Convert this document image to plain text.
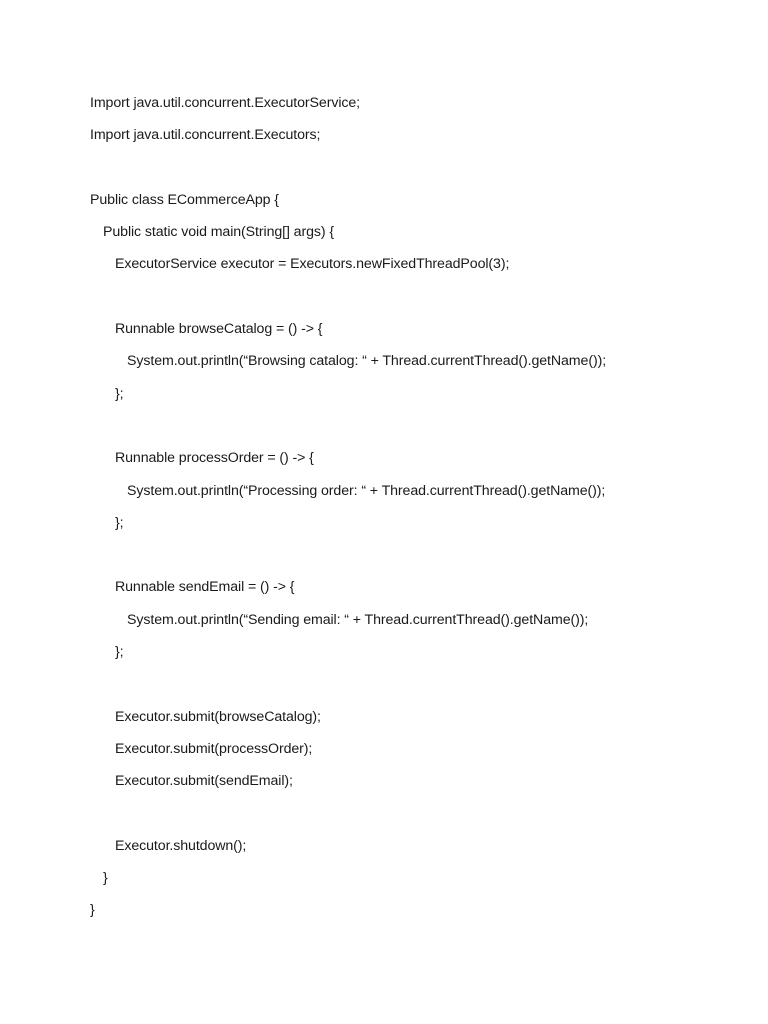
Import java.util.concurrent.ExecutorService;
Import java.util.concurrent.Executors;
Public class ECommerceApp {
Public static void main(String[] args) {
ExecutorService executor = Executors.newFixedThreadPool(3);
Runnable browseCatalog = () -> {
System.out.println(“Browsing catalog: “ + Thread.currentThread().getName());
};
Runnable processOrder = () -> {
System.out.println(“Processing order: “ + Thread.currentThread().getName());
};
Runnable sendEmail = () -> {
System.out.println(“Sending email: “ + Thread.currentThread().getName());
};
Executor.submit(browseCatalog);
Executor.submit(processOrder);
Executor.submit(sendEmail);
Executor.shutdown();
}
}
